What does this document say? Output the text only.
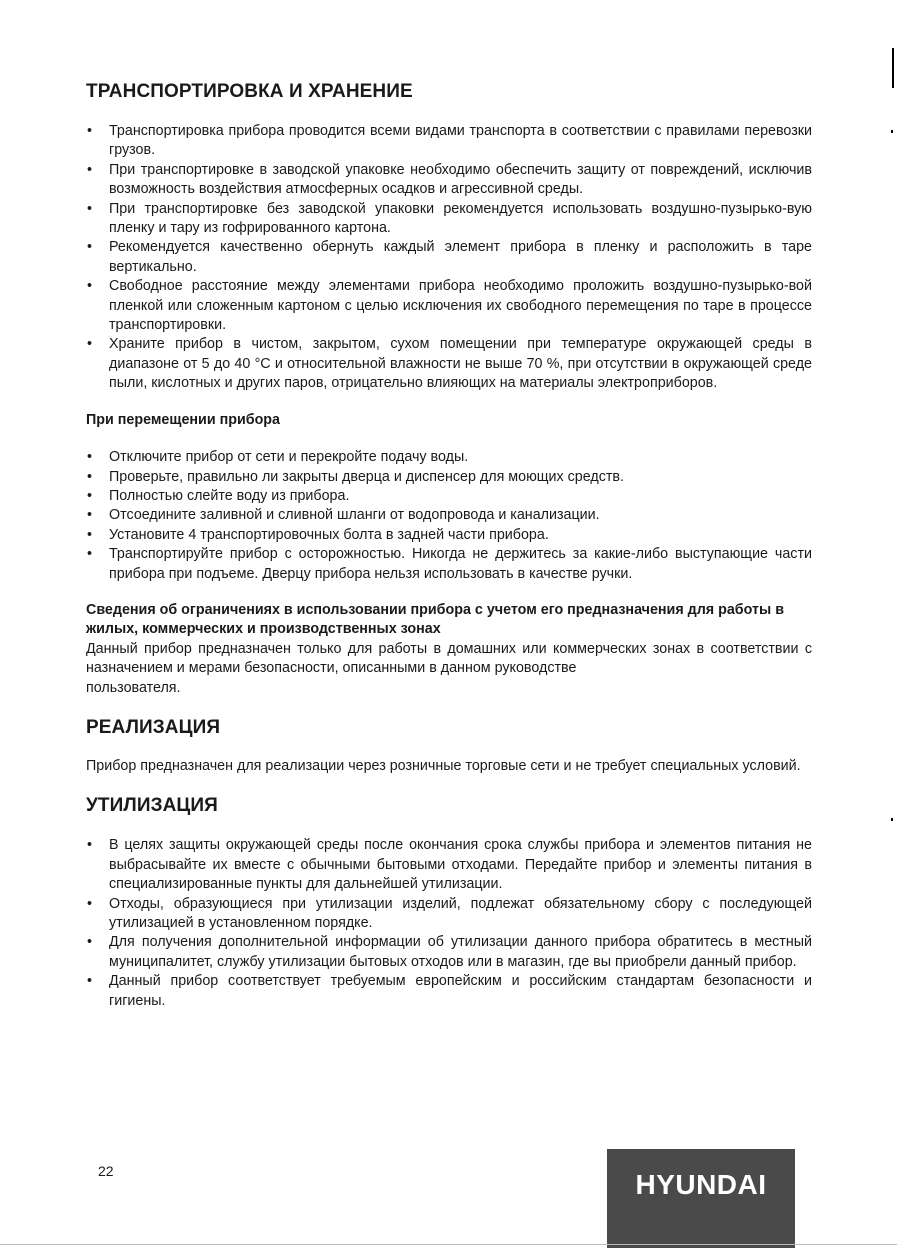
ТРАНСПОРТИРОВКА И ХРАНЕНИЕ
• Транспортировка прибора проводится всеми видами транспорта в соответствии с правилами перевозки грузов.
• При транспортировке в заводской упаковке необходимо обеспечить защиту от повреждений, исключив возможность воздействия атмосферных осадков и агрессивной среды.
• При транспортировке без заводской упаковки рекомендуется использовать воздушно-пузырько-вую пленку и тару из гофрированного картона.
• Рекомендуется качественно обернуть каждый элемент прибора в пленку и расположить в таре вертикально.
• Свободное расстояние между элементами прибора необходимо проложить воздушно-пузырько-вой пленкой или сложенным картоном с целью исключения их свободного перемещения по таре в процессе транспортировки.
• Храните прибор в чистом, закрытом, сухом помещении при температуре окружающей среды в диапазоне от 5 до 40 °С и относительной влажности не выше 70 %, при отсутствии в окружающей среде пыли, кислотных и других паров, отрицательно влияющих на материалы электроприборов.
При перемещении прибора
• Отключите прибор от сети и перекройте подачу воды.
• Проверьте, правильно ли закрыты дверца и диспенсер для моющих средств.
• Полностью слейте воду из прибора.
• Отсоедините заливной и сливной шланги от водопровода и канализации.
• Установите 4 транспортировочных болта в задней части прибора.
• Транспортируйте прибор с осторожностью. Никогда не держитесь за какие-либо выступающие части прибора при подъеме. Дверцу прибора нельзя использовать в качестве ручки.
Сведения об ограничениях в использовании прибора с учетом его предназначения для работы в жилых, коммерческих и производственных зонах

Данный прибор предназначен только для работы в домашних или коммерческих зонах в соответствии с назначением и мерами безопасности, описанными в данном руководстве

пользователя.

РЕАЛИЗАЦИЯ

Прибор предназначен для реализации через розничные торговые сети и не требует специальных условий.

УТИЛИЗАЦИЯ
• В целях защиты окружающей среды после окончания срока службы прибора и элементов питания не выбрасывайте их вместе с обычными бытовыми отходами. Передайте прибор и элементы питания в специализированные пункты для дальнейшей утилизации.
• Отходы, образующиеся при утилизации изделий, подлежат обязательному сбору с последующей утилизацией в установленном порядке.
• Для получения дополнительной информации об утилизации данного прибора обратитесь в местный муниципалитет, службу утилизации бытовых отходов или в магазин, где вы приобрели данный прибор.
• Данный прибор соответствует требуемым европейским и российским стандартам безопасности и гигиены.
22	HYUNDAI
